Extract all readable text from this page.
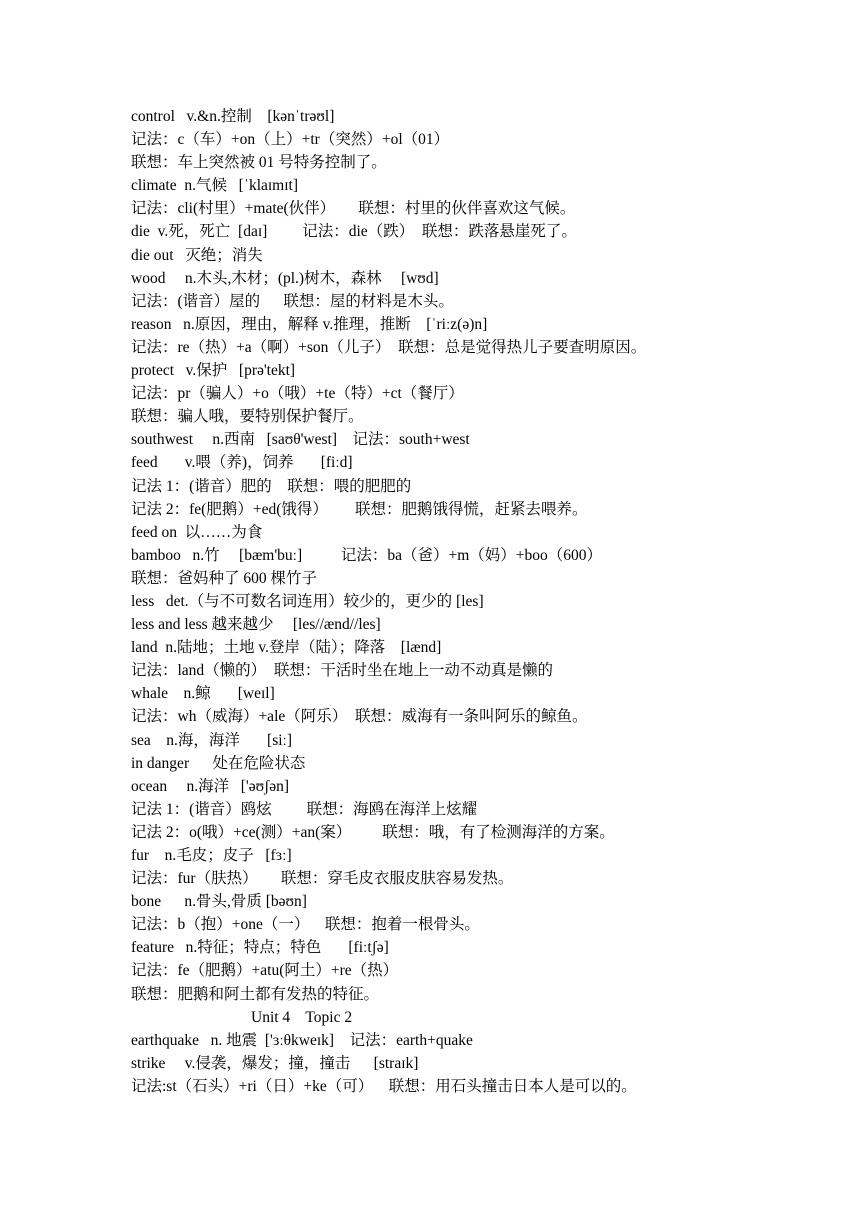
control   v.&n.控制    [kənˈtrəʊl]
记法：c（车）+on（上）+tr（突然）+ol（01）
联想：车上突然被 01 号特务控制了。
climate  n.气候   [ˈklaɪmɪt]
记法：cli(村里）+mate(伙伴）      联想：村里的伙伴喜欢这气候。
die  v.死，死亡  [daɪ]         记法：die（跌）  联想：跌落悬崖死了。
die out   灭绝；消失
wood     n.木头,木材；(pl.)树木，森林     [wʊd]
记法：(谐音）屋的      联想：屋的材料是木头。
reason   n.原因，理由，解释 v.推理，推断    [ˈriːz(ə)n]
记法：re（热）+a（啊）+son（儿子）  联想：总是觉得热儿子要查明原因。
protect   v.保护   [prə'tekt]
记法：pr（骗人）+o（哦）+te（特）+ct（餐厅）
联想：骗人哦，要特别保护餐厅。
southwest     n.西南   [saʊθ'west]    记法：south+west
feed       v.喂（养)，饲养       [fiːd]
记法 1：(谐音）肥的    联想：喂的肥肥的
记法 2：fe(肥鹅）+ed(饿得）       联想：肥鹅饿得慌，赶紧去喂养。
feed on  以……为食
bamboo   n.竹     [bæm'buː]          记法：ba（爸）+m（妈）+boo（600）
联想：爸妈种了 600 棵竹子
less   det.（与不可数名词连用）较少的，更少的 [les]
less and less 越来越少     [les//ænd//les]
land  n.陆地；土地 v.登岸（陆）；降落    [lænd]
记法：land（懒的）  联想：干活时坐在地上一动不动真是懒的
whale    n.鲸       [weɪl]
记法：wh（威海）+ale（阿乐）  联想：威海有一条叫阿乐的鲸鱼。
sea    n.海，海洋       [siː]
in danger      处在危险状态
ocean     n.海洋   ['əʊʃən]
记法 1：(谐音）鸥炫         联想：海鸥在海洋上炫耀
记法 2：o(哦）+ce(测）+an(案）        联想：哦，有了检测海洋的方案。
fur    n.毛皮；皮子   [fɜː]
记法：fur（肤热）      联想：穿毛皮衣服皮肤容易发热。
bone      n.骨头,骨质 [bəʊn]
记法：b（抱）+one（一）    联想：抱着一根骨头。
feature   n.特征；特点；特色       [fiːtʃə]
记法：fe（肥鹅）+atu(阿土）+re（热）
联想：肥鹅和阿土都有发热的特征。
Unit 4    Topic 2
earthquake   n. 地震  ['ɜːθkweɪk]    记法：earth+quake
strike     v.侵袭，爆发；撞，撞击      [straɪk]
记法:st（石头）+ri（日）+ke（可）    联想：用石头撞击日本人是可以的。
